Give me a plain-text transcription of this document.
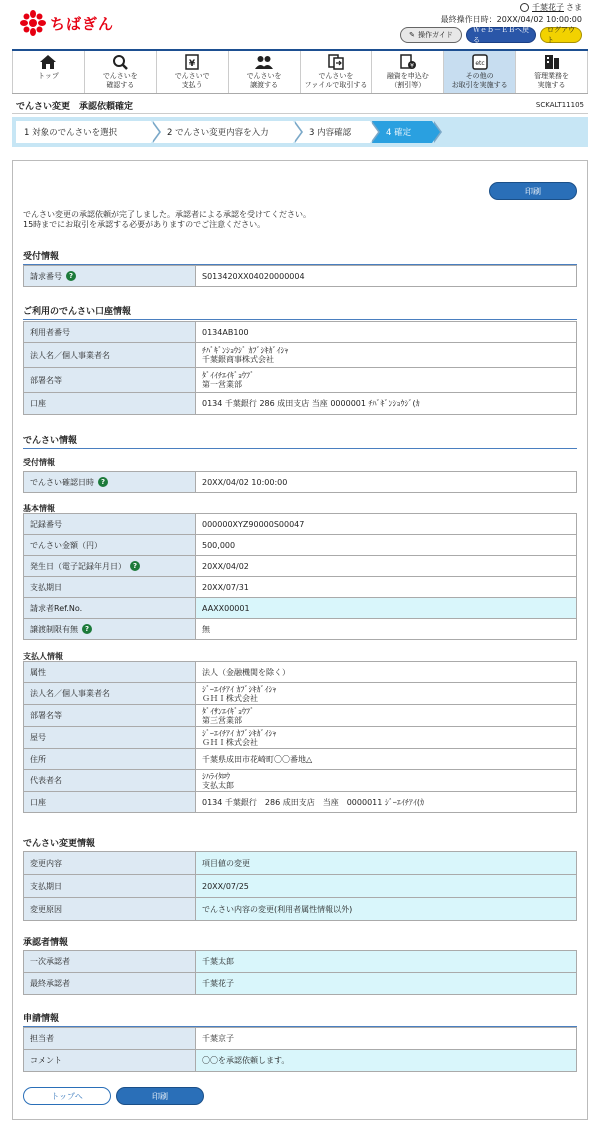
ちばぎん
千葉花子 さま
最終操作日時：20XX/04/02 10:00:00
✎ 操作ガイド
Ｗｅｂ－ＥＢへ戻る
ログアウト
トップ	でんさいを
確認する
¥
でんさいで
支払う
でんさいを
譲渡する
でんさいを
ファイルで取引する
¥
融資を申込む
（割引等）
etc
その他の
お取引を実施する
管理業務を
実施する
でんさい変更　承認依頼確定	SCKALT11105
1 対象のでんさいを選択	2 でんさい変更内容を入力	3 内容確認	4 確定
印刷
でんさい変更の承認依頼が完了しました。承認者による承認を受けてください。
15時までにお取引を承認する必要がありますのでご注意ください。
受付情報
請求番号 ?	S013420XX04020000004
ご利用のでんさい口座情報
利用者番号	0134AB100
法人名／個人事業者名	ﾁﾊﾞｷﾞﾝｼｮｳｼﾞ ｶﾌﾞｼｷｶﾞｲｼｬ
千葉銀商事株式会社

部署名等	ﾀﾞｲｲﾁｴｲｷﾞｮｳﾌﾞ
第一営業部

口座	0134 千葉銀行 286 成田支店 当座 0000001 ﾁﾊﾞｷﾞﾝｼｮｳｼﾞ(ｶ
でんさい情報
受付情報
でんさい確認日時 ?	20XX/04/02 10:00:00
基本情報
記録番号	000000XYZ90000S00047
でんさい金額（円）	500,000
発生日（電子記録年月日） ?	20XX/04/02
支払期日	20XX/07/31
請求者Ref.No.	AAXX00001
譲渡制限有無 ?	無
支払人情報
属性	法人（金融機関を除く）
法人名／個人事業者名	ｼﾞｰｴｲﾁｱｲ ｶﾌﾞｼｷｶﾞｲｼｬ
ＧＨＩ株式会社

部署名等	ﾀﾞｲｻﾝｴｲｷﾞｮｳﾌﾞ
第三営業部

屋号	ｼﾞｰｴｲﾁｱｲ ｶﾌﾞｼｷｶﾞｲｼｬ
ＧＨＩ株式会社

住所	千葉県成田市花崎町〇〇番地△
代表者名	ｼﾊﾗｲﾀﾛｳ
支払太郎

口座	0134 千葉銀行　286 成田支店　当座　0000011 ｼﾞｰｴｲﾁｱｲ(ｶ
でんさい変更情報
変更内容	項目値の変更
支払期日	20XX/07/25
変更原因	でんさい内容の変更(利用者属性情報以外)
承認者情報
一次承認者	千葉太郎
最終承認者	千葉花子
申請情報
担当者	千葉京子
コメント	〇〇を承認依頼します。
トップへ	印刷
